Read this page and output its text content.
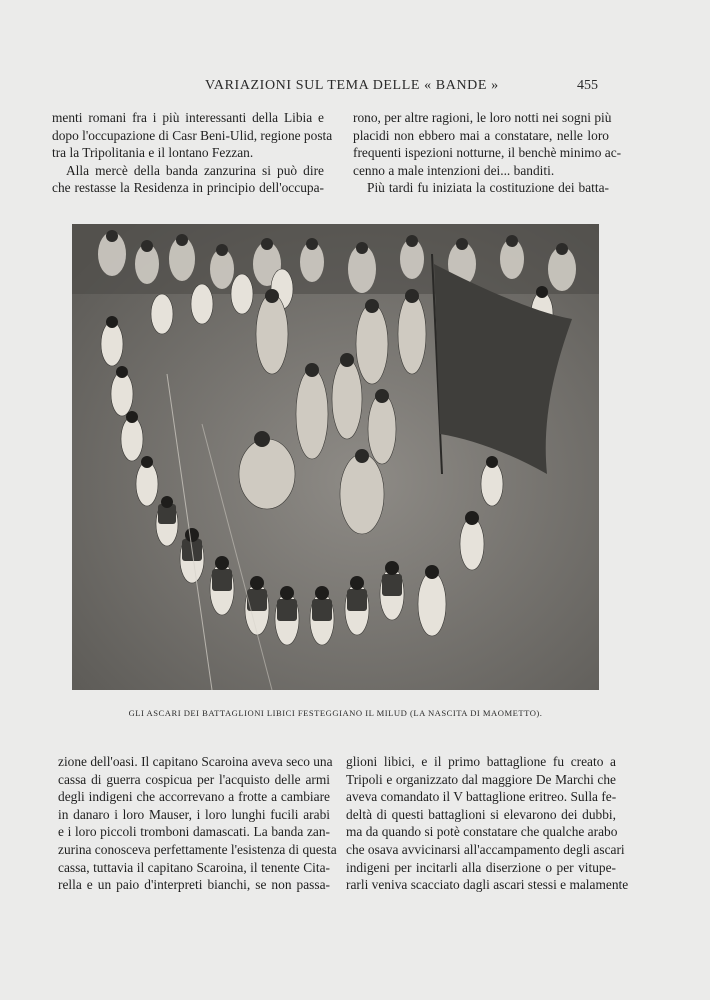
VARIAZIONI SUL TEMA DELLE « BANDE »	455
menti romani fra i più interessanti della Libia e
dopo l'occupazione di Casr Beni-Ulid, regione posta
tra la Tripolitania e il lontano Fezzan.
Alla mercè della banda zanzurina si può dire
che restasse la Residenza in principio dell'occupa-
rono, per altre ragioni, le loro notti nei sogni più
placidi non ebbero mai a constatare, nelle loro
frequenti ispezioni notturne, il benchè minimo ac-
cenno a male intenzioni dei... banditi.
Più tardi fu iniziata la costituzione dei batta-
GLI ASCARI DEI BATTAGLIONI LIBICI FESTEGGIANO IL MILUD (LA NASCITA DI MAOMETTO).
zione dell'oasi. Il capitano Scaroina aveva seco una
cassa di guerra cospicua per l'acquisto delle armi
degli indigeni che accorrevano a frotte a cambiare
in danaro i loro Mauser, i loro lunghi fucili arabi
e i loro piccoli tromboni damascati. La banda zan-
zurina conosceva perfettamente l'esistenza di questa
cassa, tuttavia il capitano Scaroina, il tenente Cita-
rella e un paio d'interpreti bianchi, se non passa-
glioni libici, e il primo battaglione fu creato a
Tripoli e organizzato dal maggiore De Marchi che
aveva comandato il V battaglione eritreo. Sulla fe-
deltà di questi battaglioni si elevarono dei dubbi,
ma da quando si potè constatare che qualche arabo
che osava avvicinarsi all'accampamento degli ascari
indigeni per incitarli alla diserzione o per vitupe-
rarli veniva scacciato dagli ascari stessi e malamente
